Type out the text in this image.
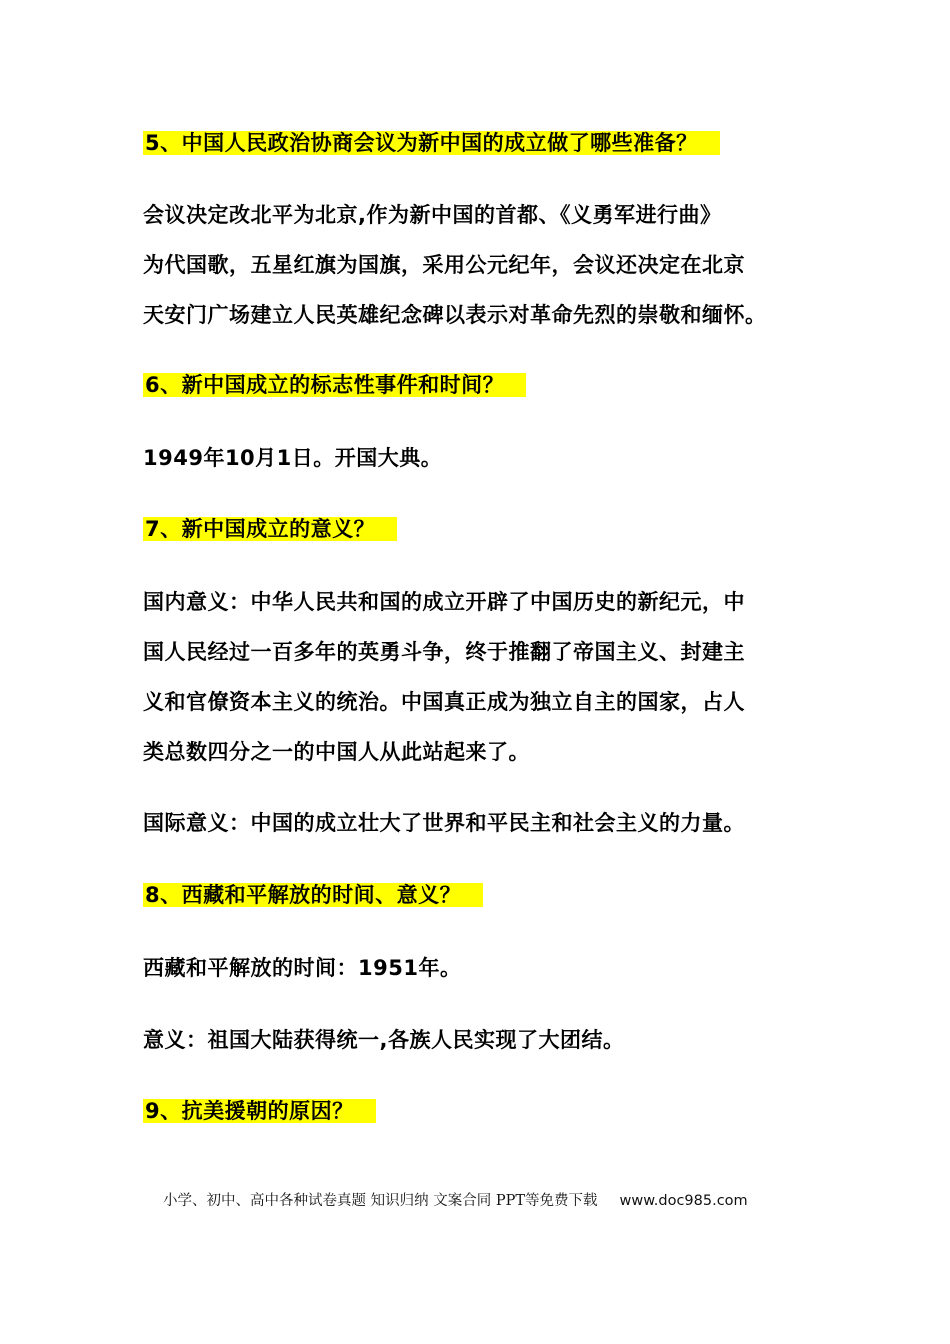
5、中国人民政治协商会议为新中国的成立做了哪些准备？
会议决定改北平为北京,作为新中国的首都、《义勇军进行曲》
为代国歌，五星红旗为国旗，采用公元纪年，会议还决定在北京
天安门广场建立人民英雄纪念碑以表示对革命先烈的崇敬和缅怀。
6、新中国成立的标志性事件和时间？
1949年10月1日。开国大典。
7、新中国成立的意义？
国内意义：中华人民共和国的成立开辟了中国历史的新纪元，中
国人民经过一百多年的英勇斗争，终于推翻了帝国主义、封建主
义和官僚资本主义的统治。中国真正成为独立自主的国家，占人
类总数四分之一的中国人从此站起来了。
国际意义：中国的成立壮大了世界和平民主和社会主义的力量。
8、西藏和平解放的时间、意义？
西藏和平解放的时间：1951年。
意义：祖国大陆获得统一,各族人民实现了大团结。
9、抗美援朝的原因？
小学、初中、高中各种试卷真题 知识归纳 文案合同 PPT等免费下载 www.doc985.com
